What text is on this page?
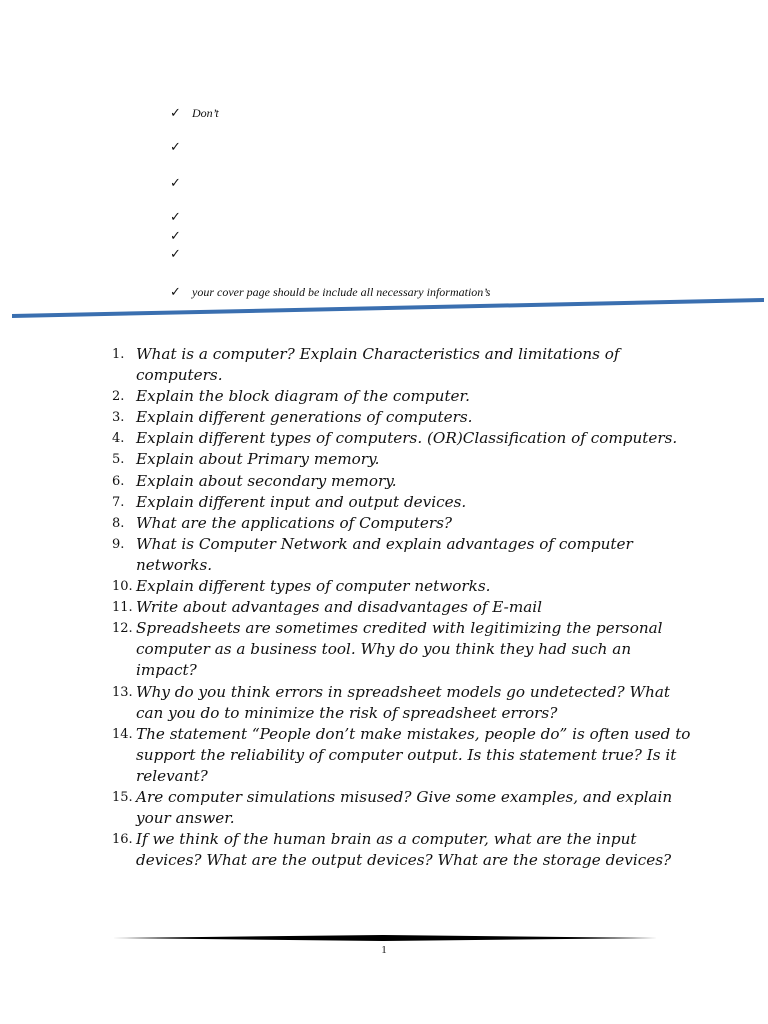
✓ Don’t
✓
✓
✓
✓
✓
✓ your cover page should be include all necessary information’s
1. What is a computer? Explain Characteristics and limitations of computers.
2. Explain the block diagram of the computer.
3. Explain different generations of computers.
4. Explain different types of computers. (OR)Classification of computers.
5. Explain about Primary memory.
6. Explain about secondary memory.
7. Explain different input and output devices.
8. What are the applications of Computers?
9. What is Computer Network and explain advantages of computer networks.
10. Explain different types of computer networks.
11. Write about advantages and disadvantages of E-mail
12. Spreadsheets are sometimes credited with legitimizing the personal computer as a business tool. Why do you think they had such an impact?
13. Why do you think errors in spreadsheet models go undetected? What can you do to minimize the risk of spreadsheet errors?
14. The statement “People don’t make mistakes, people do” is often used to support the reliability of computer output. Is this statement true? Is it relevant?
15. Are computer simulations misused? Give some examples, and explain your answer.
16. If we think of the human brain as a computer, what are the input devices? What are the output devices? What are the storage devices?
1
